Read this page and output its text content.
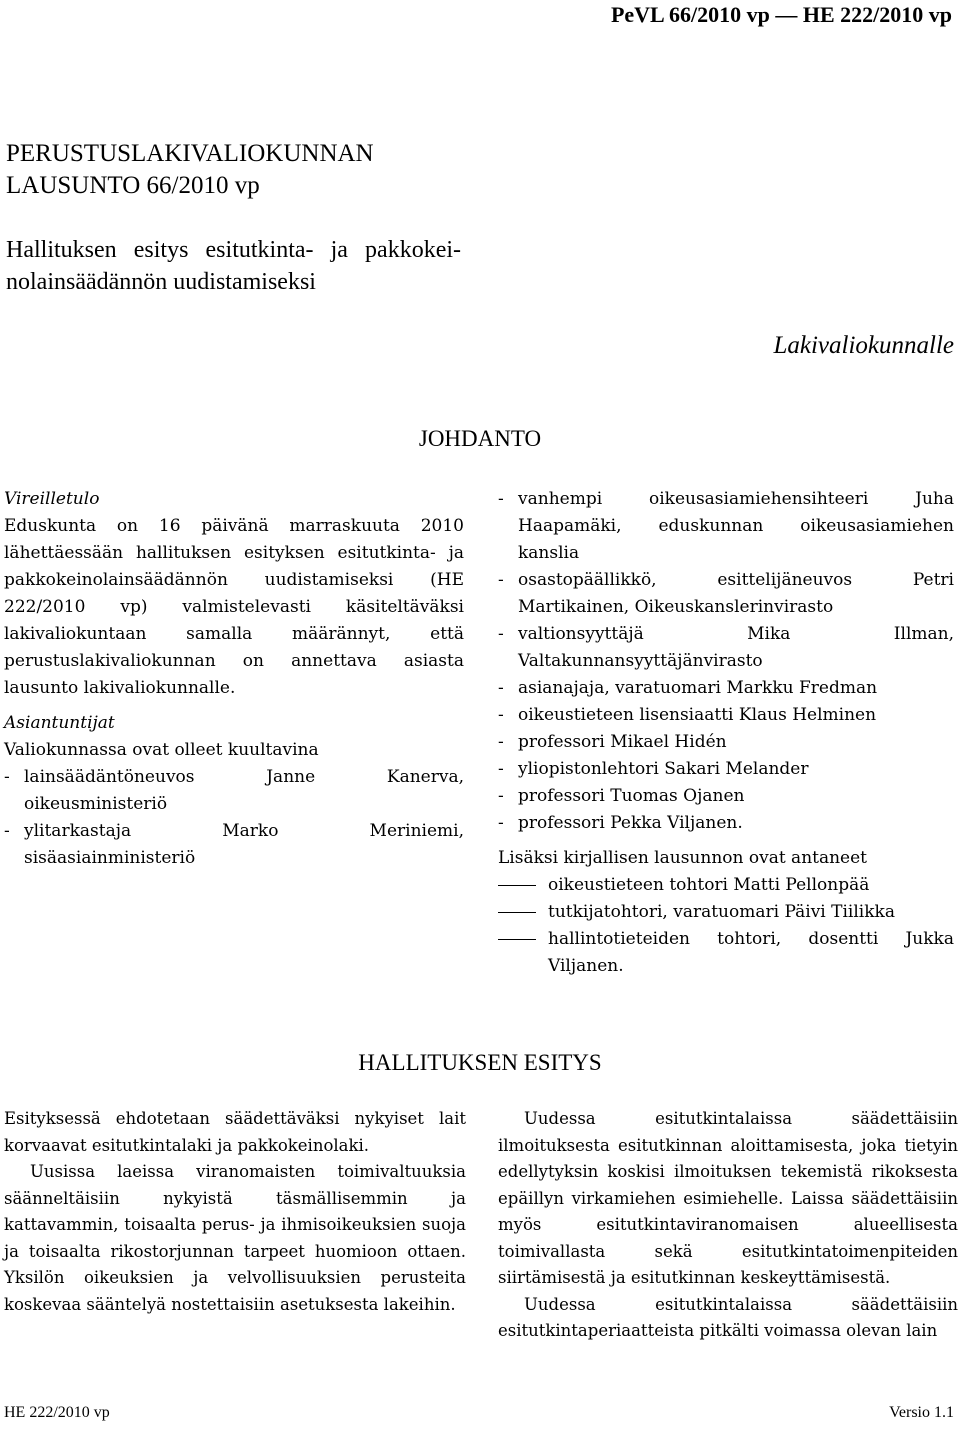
PeVL 66/2010 vp — HE 222/2010 vp
PERUSTUSLAKIVALIOKUNNAN
LAUSUNTO 66/2010 vp
Hallituksen esitys esitutkinta- ja pakkokei-
nolainsäädännön uudistamiseksi
Lakivaliokunnalle
JOHDANTO
Vireilletulo
Eduskunta on 16 päivänä marraskuuta 2010 lähettäessään hallituksen esityksen esitutkinta- ja pakkokeinolainsäädännön uudistamiseksi (HE 222/2010 vp) valmistelevasti käsiteltäväksi lakivaliokuntaan samalla määrännyt, että perustuslakivaliokunnan on annettava asiasta lausunto lakivaliokunnalle.
Asiantuntijat
Valiokunnassa ovat olleet kuultavina
- lainsäädäntöneuvos Janne Kanerva, oikeusministeriö
- ylitarkastaja Marko Meriniemi, sisäasiainministeriö
- vanhempi oikeusasiamiehensihteeri Juha Haapamäki, eduskunnan oikeusasiamiehen kanslia
- osastopäällikkö, esittelijäneuvos Petri Martikainen, Oikeuskanslerinvirasto
- valtionsyyttäjä Mika Illman, Valtakunnansyyttäjänvirasto
- asianajaja, varatuomari Markku Fredman
- oikeustieteen lisensiaatti Klaus Helminen
- professori Mikael Hidén
- yliopistonlehtori Sakari Melander
- professori Tuomas Ojanen
- professori Pekka Viljanen.
Lisäksi kirjallisen lausunnon ovat antaneet
oikeustieteen tohtori Matti Pellonpää
tutkijatohtori, varatuomari Päivi Tiilikka
hallintotieteiden tohtori, dosentti Jukka Viljanen.
HALLITUKSEN ESITYS

Esityksessä ehdotetaan säädettäväksi nykyiset lait korvaavat esitutkintalaki ja pakkokeinolaki.

Uusissa laeissa viranomaisten toimivaltuuksia säänneltäisiin nykyistä täsmällisemmin ja kattavammin, toisaalta perus- ja ihmisoikeuksien suoja ja toisaalta rikostorjunnan tarpeet huomioon ottaen. Yksilön oikeuksien ja velvollisuuksien perusteita koskevaa sääntelyä nostettaisiin asetuksesta lakeihin.

Uudessa esitutkintalaissa säädettäisiin ilmoituksesta esitutkinnan aloittamisesta, joka tietyin edellytyksin koskisi ilmoituksen tekemistä rikoksesta epäillyn virkamiehen esimiehelle. Laissa säädettäisiin myös esitutkintaviranomaisen alueellisesta toimivallasta sekä esitutkintatoimenpiteiden siirtämisestä ja esitutkinnan keskeyttämisestä.

Uudessa esitutkintalaissa säädettäisiin esitutkintaperiaatteista pitkälti voimassa olevan lain

HE 222/2010 vp	Versio 1.1
